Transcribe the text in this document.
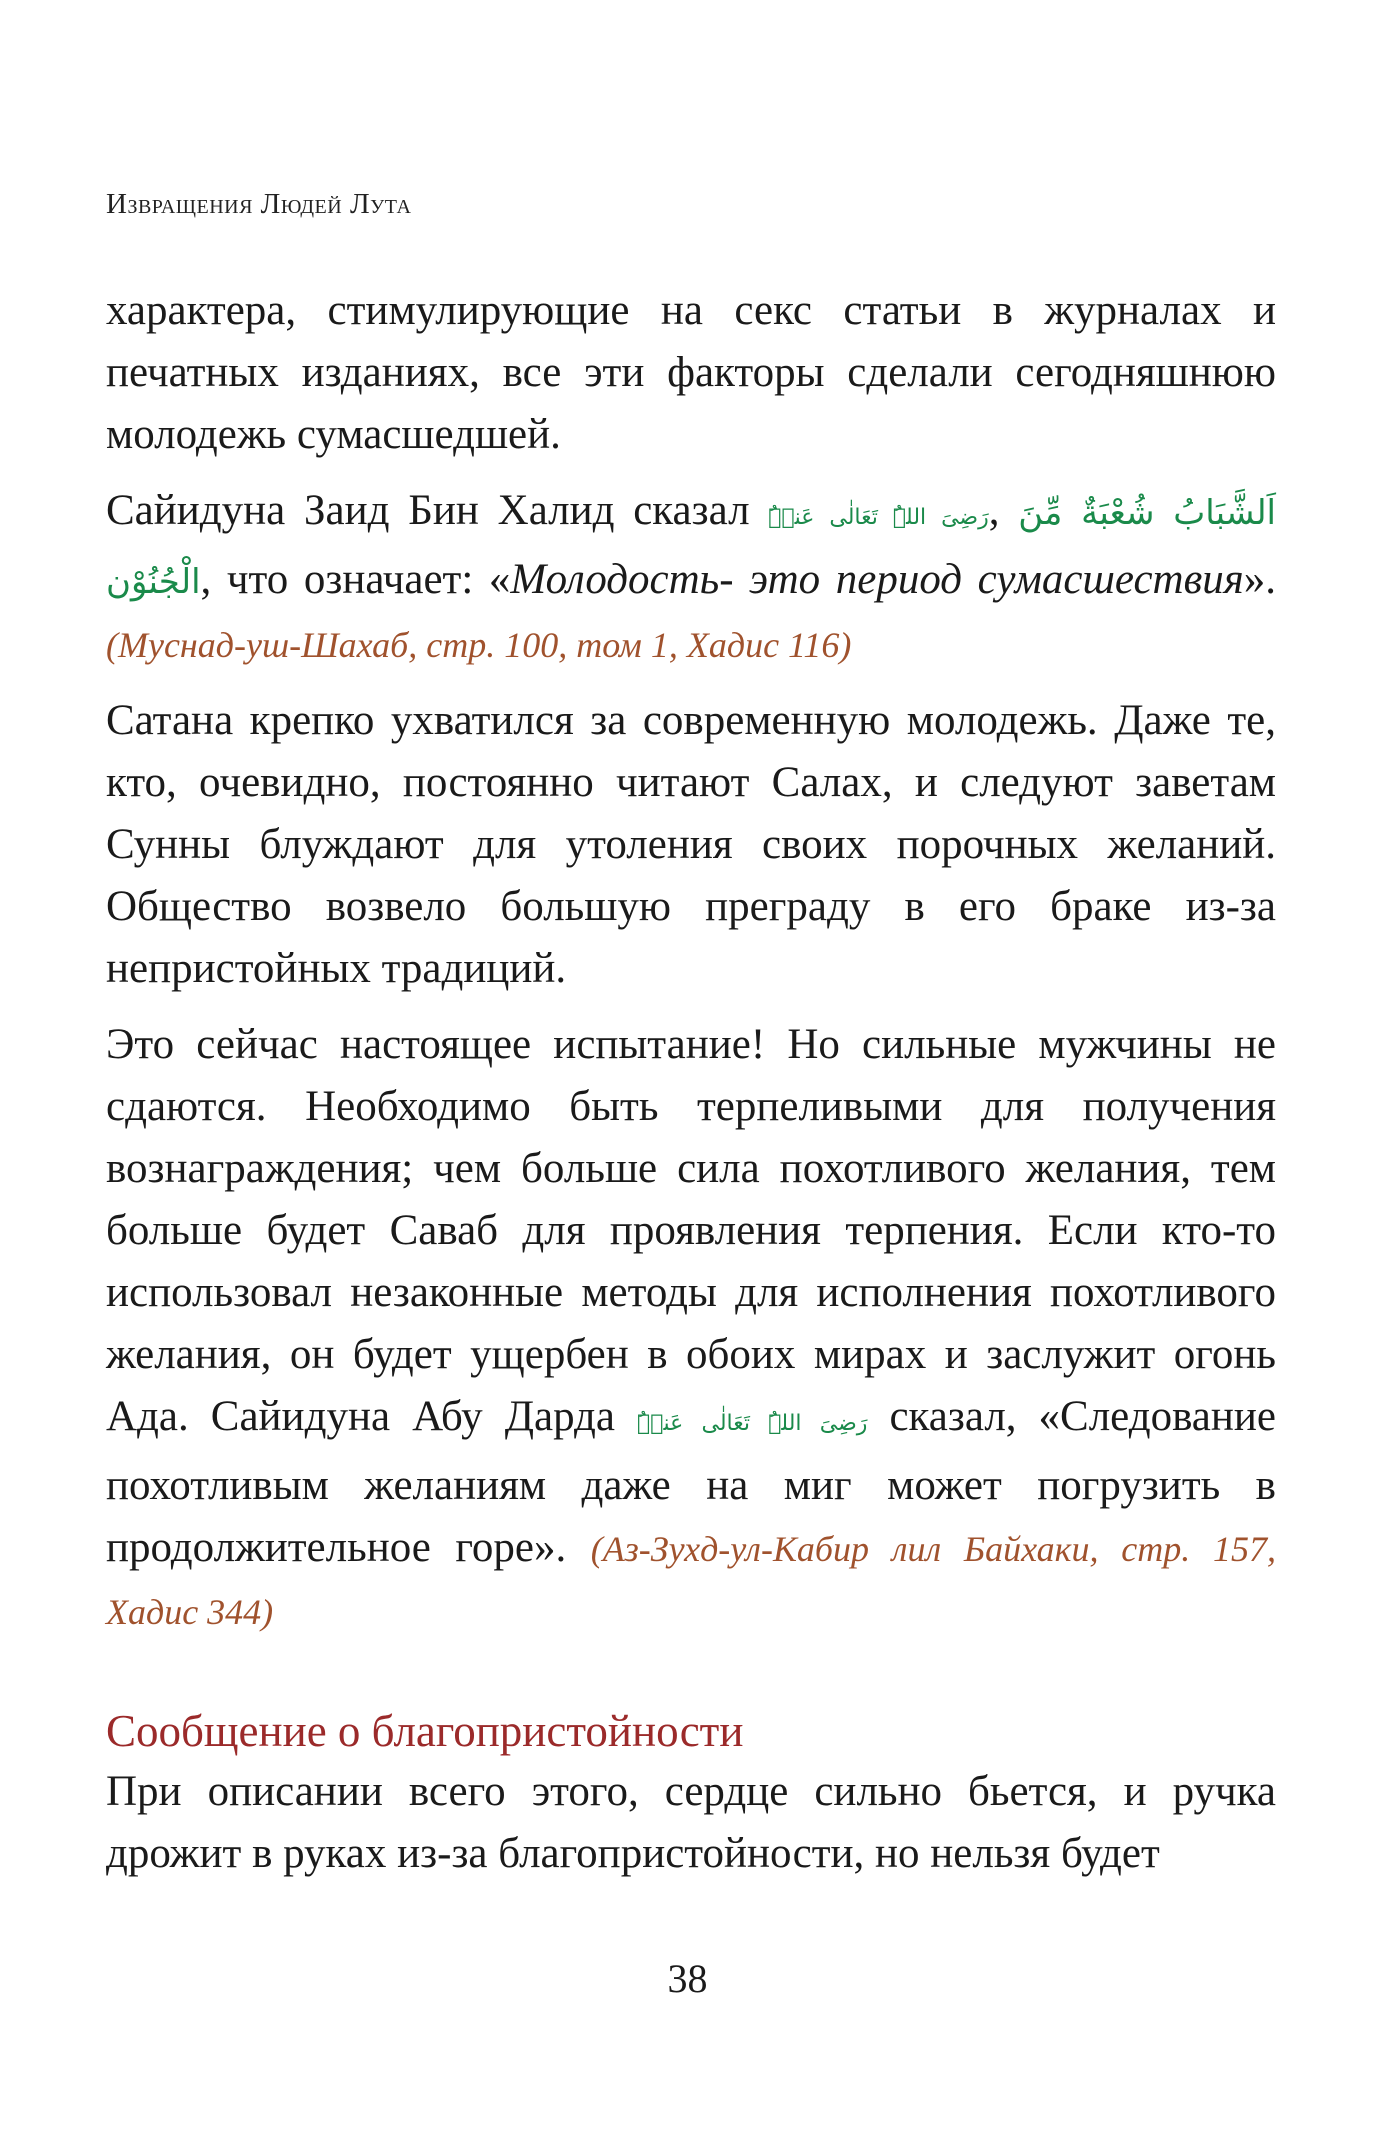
Извращения Людей Лута

характера, стимулирующие на секс статьи в журналах и печатных изданиях, все эти факторы сделали сегодняшнюю молодежь сумасшедшей.

Сайидуна Заид Бин Халид сказал رَضِیَ اللہُ تَعَالٰی عَنۡہُ, اَلشَّبَابُ شُعْبَةٌ مِّنَ الْجُنُوْن, что означает: «Молодость- это период сумасшествия». (Муснад-уш-Шахаб, стр. 100, том 1, Хадис 116)

Сатана крепко ухватился за современную молодежь. Даже те, кто, очевидно, постоянно читают Салах, и следуют заветам Сунны блуждают для утоления своих порочных желаний. Общество возвело большую преграду в его браке из-за непристойных традиций.

Это сейчас настоящее испытание! Но сильные мужчины не сдаются. Необходимо быть терпеливыми для получения вознаграждения; чем больше сила похотливого желания, тем больше будет Саваб для проявления терпения. Если кто-то использовал незаконные методы для исполнения похотливого желания, он будет ущербен в обоих мирах и заслужит огонь Ада. Сайидуна Абу Дарда رَضِیَ اللہُ تَعَالٰی عَنۡہُ сказал, «Следование похотливым желаниям даже на миг может погрузить в продолжительное горе». (Аз-Зухд-ул-Кабир лил Байхаки, стр. 157, Хадис 344)

Сообщение о благопристойности

При описании всего этого, сердце сильно бьется, и ручка дрожит в руках из-за благопристойности, но нельзя будет

38
